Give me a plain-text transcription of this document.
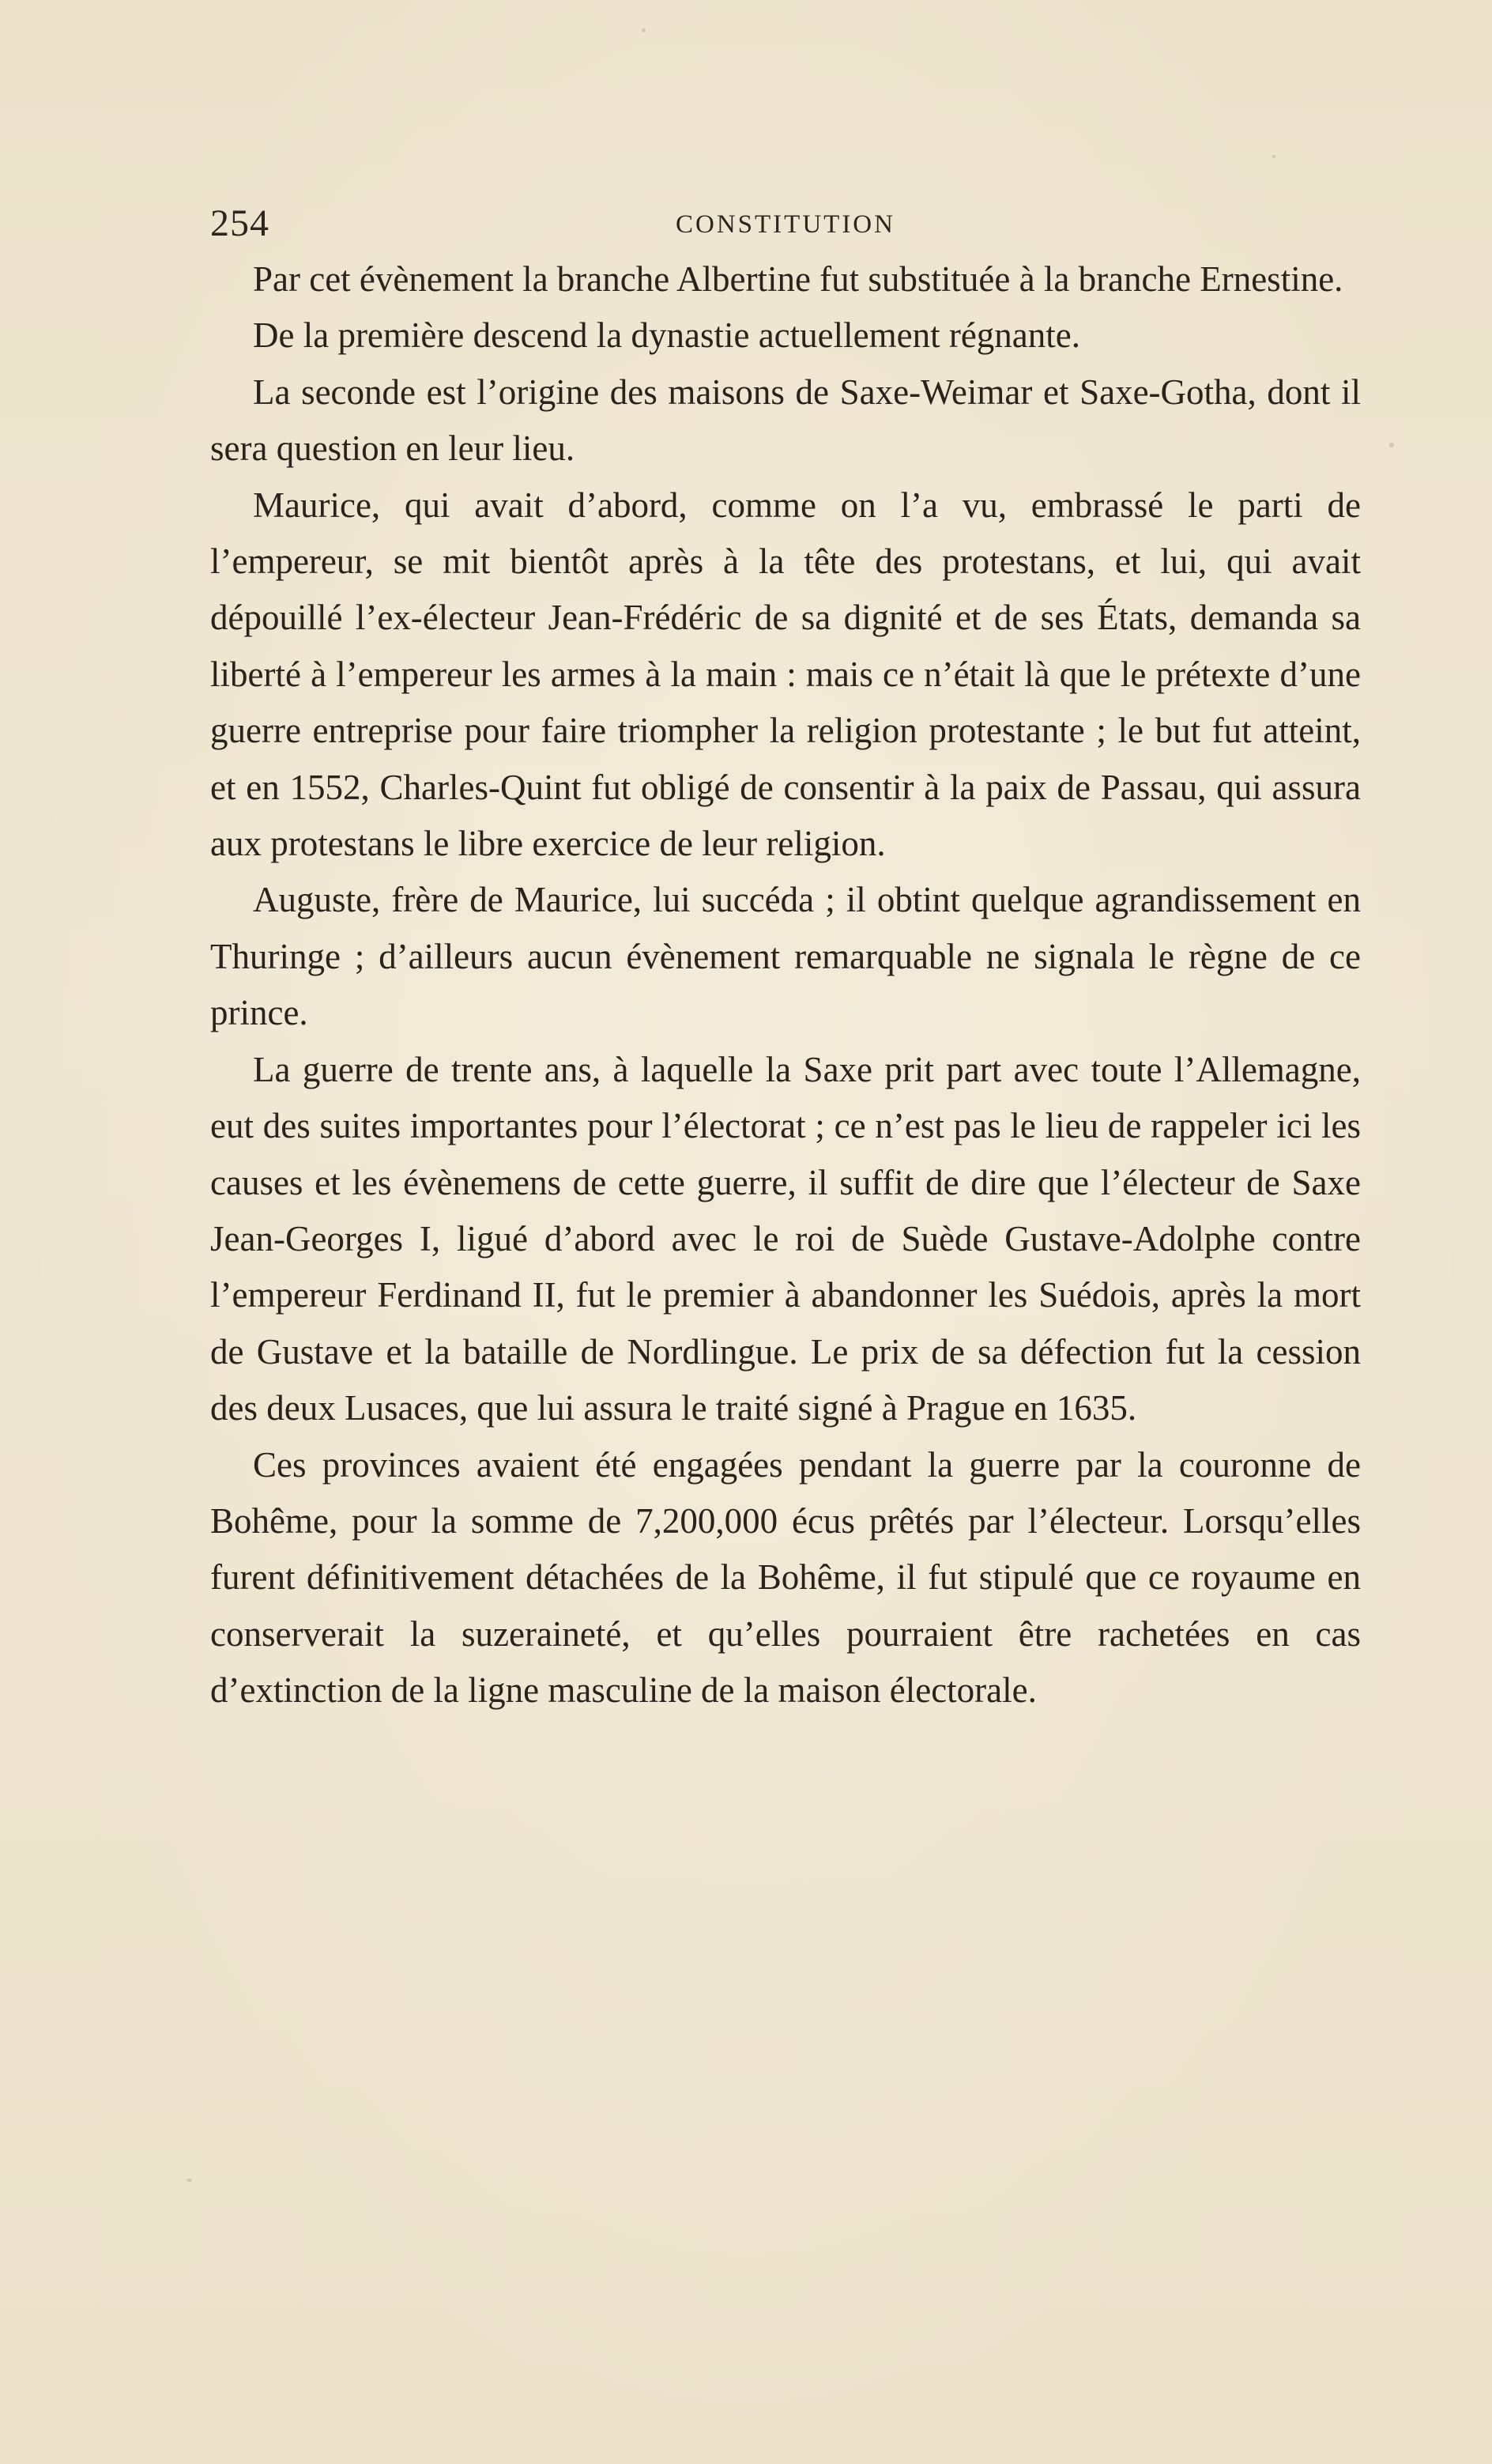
254	CONSTITUTION

Par cet évènement la branche Albertine fut substituée à la branche Ernestine.

De la première descend la dynastie actuellement régnante.

La seconde est l’origine des maisons de Saxe-Weimar et Saxe-Gotha, dont il sera question en leur lieu.

Maurice, qui avait d’abord, comme on l’a vu, embrassé le parti de l’empereur, se mit bientôt après à la tête des protestans, et lui, qui avait dépouillé l’ex-électeur Jean-Frédéric de sa dignité et de ses États, demanda sa liberté à l’empereur les armes à la main : mais ce n’était là que le prétexte d’une guerre entreprise pour faire triompher la religion protestante ; le but fut atteint, et en 1552, Charles-Quint fut obligé de consentir à la paix de Passau, qui assura aux protestans le libre exercice de leur religion.

Auguste, frère de Maurice, lui succéda ; il obtint quelque agrandissement en Thuringe ; d’ailleurs aucun évènement remarquable ne signala le règne de ce prince.

La guerre de trente ans, à laquelle la Saxe prit part avec toute l’Allemagne, eut des suites importantes pour l’électorat ; ce n’est pas le lieu de rappeler ici les causes et les évènemens de cette guerre, il suffit de dire que l’électeur de Saxe Jean-Georges I, ligué d’abord avec le roi de Suède Gustave-Adolphe contre l’empereur Ferdinand II, fut le premier à abandonner les Suédois, après la mort de Gustave et la bataille de Nordlingue. Le prix de sa défection fut la cession des deux Lusaces, que lui assura le traité signé à Prague en 1635.

Ces provinces avaient été engagées pendant la guerre par la couronne de Bohême, pour la somme de 7,200,000 écus prêtés par l’électeur. Lorsqu’elles furent définitivement détachées de la Bohême, il fut stipulé que ce royaume en conserverait la suzeraineté, et qu’elles pourraient être rachetées en cas d’extinction de la ligne masculine de la maison électorale.
